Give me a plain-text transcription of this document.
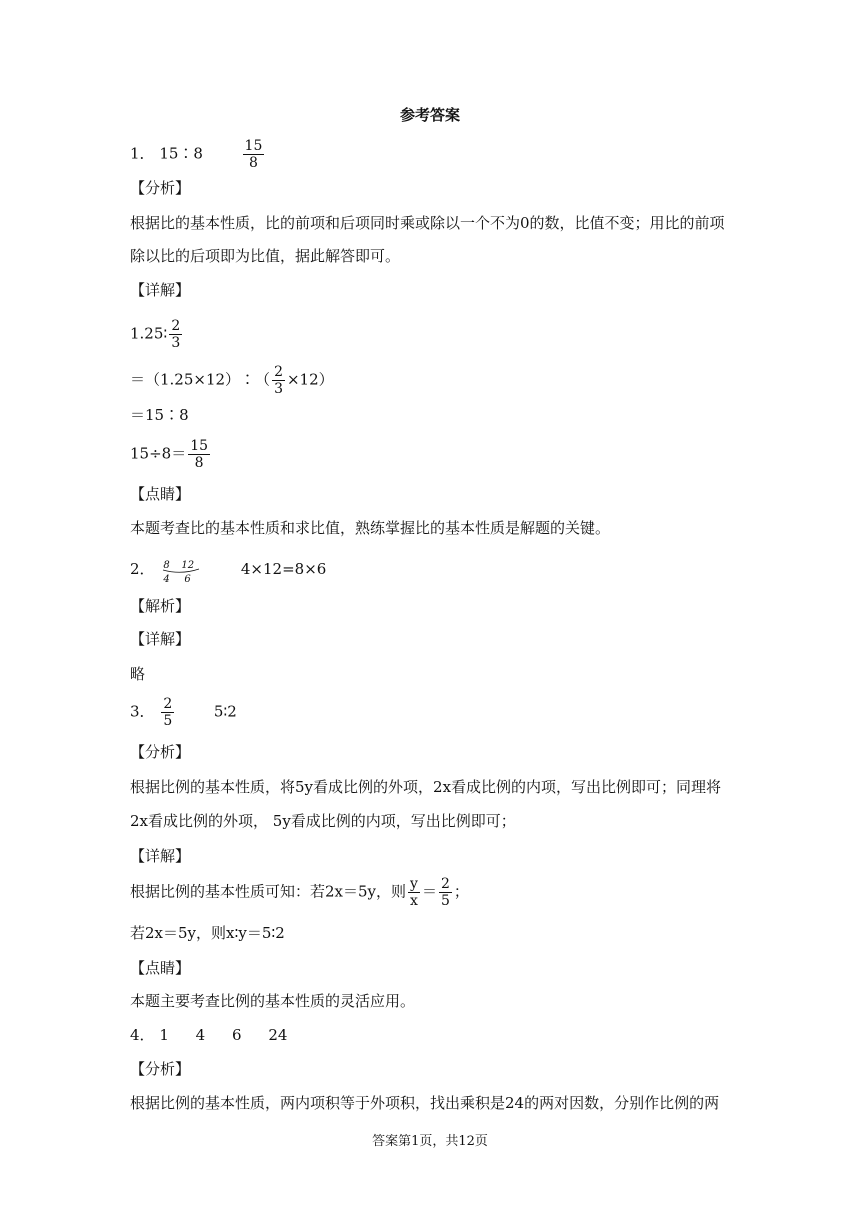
参考答案
1． 15∶8	$\frac{15}{8}$
【分析】
根据比的基本性质，比的前项和后项同时乘或除以一个不为0的数，比值不变；用比的前项
除以比的后项即为比值，据此解答即可。
【详解】
1.25∶ $\frac{2}{3}$
＝（1.25×12）∶（ $\frac{2}{3} \times 12$）
＝15∶8
$15\div 8= \frac{15}{8}$
【点睛】
本题考查比的基本性质和求比值，熟练掌握比的基本性质是解题的关键。
2． 8 12
4 6
4×12=8×6
【解析】
【详解】
略
3． $\frac{2}{5}$	5∶2
【分析】
根据比例的基本性质，将5y看成比例的外项，2x看成比例的内项，写出比例即可；同理将
2x看成比例的外项， 5y看成比例的内项，写出比例即可；
【详解】
根据比例的基本性质可知：若2x＝5y，则 $\frac{y}{x} = \frac{2}{5}$ ；
若2x＝5y，则x∶y＝5∶2
【点睛】
本题主要考查比例的基本性质的灵活应用。
4． 1 4 6 24
【分析】
根据比例的基本性质，两内项积等于外项积，找出乘积是24的两对因数，分别作比例的两
答案第1页，共12页
